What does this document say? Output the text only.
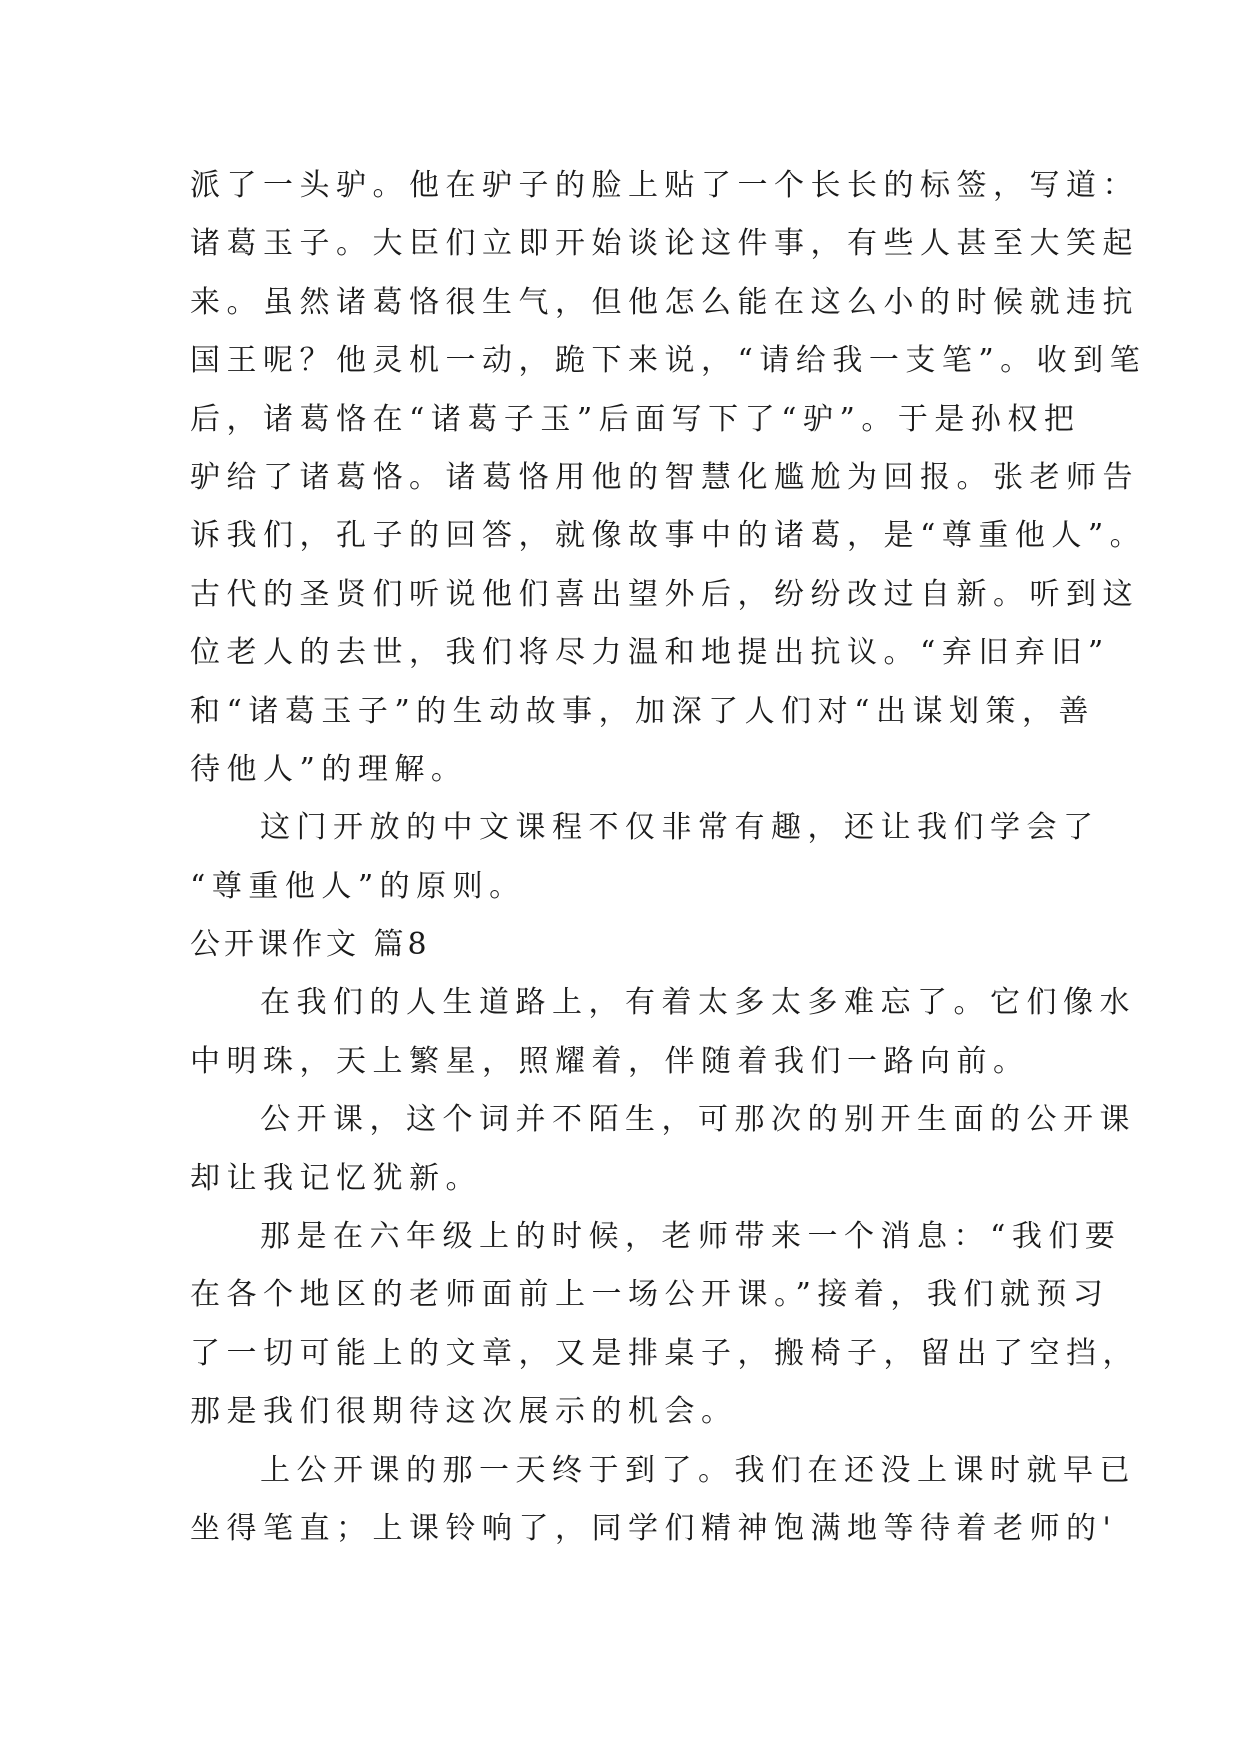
派了一头驴。他在驴子的脸上贴了一个长长的标签，写道：
诸葛玉子。大臣们立即开始谈论这件事，有些人甚至大笑起
来。虽然诸葛恪很生气，但他怎么能在这么小的时候就违抗
国王呢？他灵机一动，跪下来说，“请给我一支笔”。收到笔
后，诸葛恪在“诸葛子玉”后面写下了“驴”。于是孙权把
驴给了诸葛恪。诸葛恪用他的智慧化尴尬为回报。张老师告
诉我们，孔子的回答，就像故事中的诸葛，是“尊重他人”。
古代的圣贤们听说他们喜出望外后，纷纷改过自新。听到这
位老人的去世，我们将尽力温和地提出抗议。“弃旧弃旧”
和“诸葛玉子”的生动故事，加深了人们对“出谋划策，善
待他人”的理解。
这门开放的中文课程不仅非常有趣，还让我们学会了
“尊重他人”的原则。
公开课作文 篇8
在我们的人生道路上，有着太多太多难忘了。它们像水
中明珠，天上繁星，照耀着，伴随着我们一路向前。
公开课，这个词并不陌生，可那次的别开生面的公开课
却让我记忆犹新。
那是在六年级上的时候，老师带来一个消息：“我们要
在各个地区的老师面前上一场公开课。”接着，我们就预习
了一切可能上的文章，又是排桌子，搬椅子，留出了空挡，
那是我们很期待这次展示的机会。
上公开课的那一天终于到了。我们在还没上课时就早已
坐得笔直；上课铃响了，同学们精神饱满地等待着老师的'
